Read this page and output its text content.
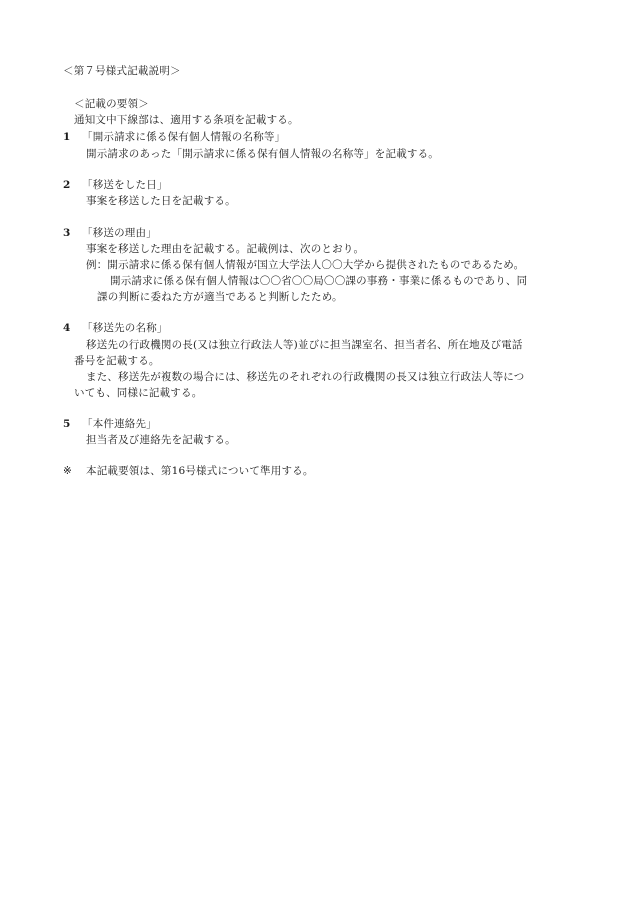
＜第７号様式記載説明＞
＜記載の要領＞
通知文中下線部は、適用する条項を記載する。
1 「開示請求に係る保有個人情報の名称等」
開示請求のあった「開示請求に係る保有個人情報の名称等」を記載する。
2 「移送をした日」
事案を移送した日を記載する。
3 「移送の理由」
事案を移送した理由を記載する。記載例は、次のとおり。
例：開示請求に係る保有個人情報が国立大学法人〇〇大学から提供されたものであるため。
開示請求に係る保有個人情報は〇〇省〇〇局〇〇課の事務・事業に係るものであり、同
課の判断に委ねた方が適当であると判断したため。
4 「移送先の名称」
移送先の行政機関の長(又は独立行政法人等)並びに担当課室名、担当者名、所在地及び電話
番号を記載する。
また、移送先が複数の場合には、移送先のそれぞれの行政機関の長又は独立行政法人等につ
いても、同様に記載する。
5 「本件連絡先」
担当者及び連絡先を記載する。
※ 本記載要領は、第16号様式について準用する。
